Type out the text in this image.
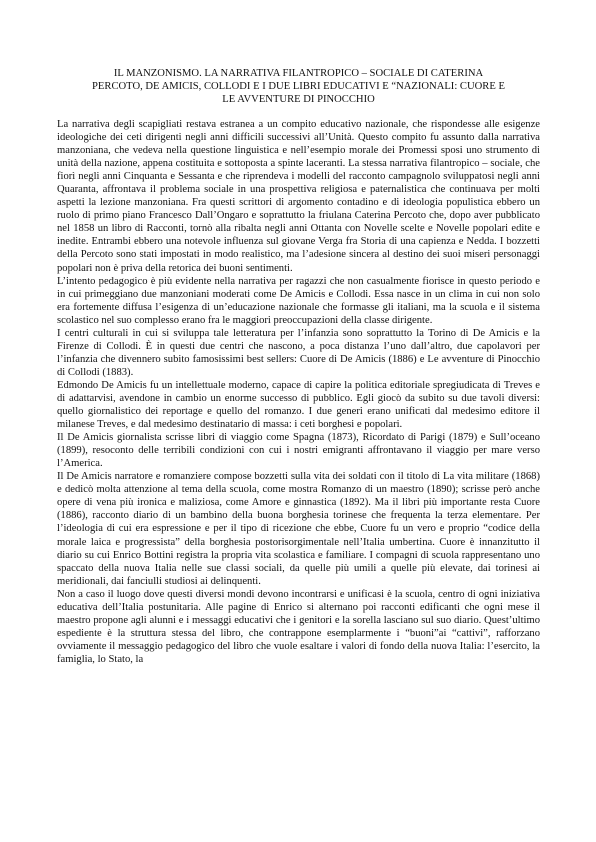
IL MANZONISMO. LA NARRATIVA FILANTROPICO – SOCIALE DI CATERINA
PERCOTO, DE AMICIS, COLLODI E I DUE LIBRI EDUCATIVI E “NAZIONALI: CUORE E
LE AVVENTURE DI PINOCCHIO

La narrativa degli scapigliati restava estranea a un compito educativo nazionale, che rispondesse alle esigenze ideologiche dei ceti dirigenti negli anni difficili successivi all’Unità. Questo compito fu assunto dalla narrativa manzoniana, che vedeva nella questione linguistica e nell’esempio morale dei Promessi sposi uno strumento di unità della nazione, appena costituita e sottoposta a spinte laceranti. La stessa narrativa filantropico – sociale, che fiorì negli anni Cinquanta e Sessanta e che riprendeva i modelli del racconto campagnolo sviluppatosi negli anni Quaranta, affrontava il problema sociale in una prospettiva religiosa e paternalistica che continuava per molti aspetti la lezione manzoniana. Fra questi scrittori di argomento contadino e di ideologia populistica ebbero un ruolo di primo piano Francesco Dall’Ongaro e soprattutto la friulana Caterina Percoto che, dopo aver pubblicato nel 1858 un libro di Racconti, tornò alla ribalta negli anni Ottanta con Novelle scelte e Novelle popolari edite e inedite. Entrambi ebbero una notevole influenza sul giovane Verga fra Storia di una capienza e Nedda. I bozzetti della Percoto sono stati impostati in modo realistico, ma l’adesione sincera al destino dei suoi miseri personaggi popolari non è priva della retorica dei buoni sentimenti.

L’intento pedagogico è più evidente nella narrativa per ragazzi che non casualmente fiorisce in questo periodo e in cui primeggiano due manzoniani moderati come De Amicis e Collodi. Essa nasce in un clima in cui non solo era fortemente diffusa l’esigenza di un’educazione nazionale che formasse gli italiani, ma la scuola e il sistema scolastico nel suo complesso erano fra le maggiori preoccupazioni della classe dirigente.

I centri culturali in cui si sviluppa tale letteratura per l’infanzia sono soprattutto la Torino di De Amicis e la Firenze di Collodi. È in questi due centri che nascono, a poca distanza l’uno dall’altro, due capolavori per l’infanzia che divennero subito famosissimi best sellers: Cuore di De Amicis (1886) e Le avventure di Pinocchio di Collodi (1883).

Edmondo De Amicis fu un intellettuale moderno, capace di capire la politica editoriale spregiudicata di Treves e di adattarvisi, avendone in cambio un enorme successo di pubblico. Egli giocò da subito su due tavoli diversi: quello giornalistico dei reportage e quello del romanzo. I due generi erano unificati dal medesimo editore il milanese Treves, e dal medesimo destinatario di massa: i ceti borghesi e popolari.

Il De Amicis giornalista scrisse libri di viaggio come Spagna (1873), Ricordato di Parigi (1879) e Sull’oceano (1899), resoconto delle terribili condizioni con cui i nostri emigranti affrontavano il viaggio per mare verso l’America.

Il De Amicis narratore e romanziere compose bozzetti sulla vita dei soldati con il titolo di La vita militare (1868) e dedicò molta attenzione al tema della scuola, come mostra Romanzo di un maestro (1890); scrisse però anche opere di vena più ironica e maliziosa, come Amore e ginnastica (1892). Ma il libri più importante resta Cuore (1886), racconto diario di un bambino della buona borghesia torinese che frequenta la terza elementare. Per l’ideologia di cui era espressione e per il tipo di ricezione che ebbe, Cuore fu un vero e proprio “codice della morale laica e progressista” della borghesia postorisorgimentale nell’Italia umbertina. Cuore è innanzitutto il diario su cui Enrico Bottini registra la propria vita scolastica e familiare. I compagni di scuola rappresentano uno spaccato della nuova Italia nelle sue classi sociali, da quelle più umili a quelle più elevate, dai torinesi ai meridionali, dai fanciulli studiosi ai delinquenti.

Non a caso il luogo dove questi diversi mondi devono incontrarsi e unificasi è la scuola, centro di ogni iniziativa educativa dell’Italia postunitaria. Alle pagine di Enrico si alternano poi racconti edificanti che ogni mese il maestro propone agli alunni e i messaggi educativi che i genitori e la sorella lasciano sul suo diario. Quest’ultimo espediente è la struttura stessa del libro, che contrappone esemplarmente i “buoni”ai “cattivi”, rafforzano ovviamente il messaggio pedagogico del libro che vuole esaltare i valori di fondo della nuova Italia: l’esercito, la famiglia, lo Stato, la
